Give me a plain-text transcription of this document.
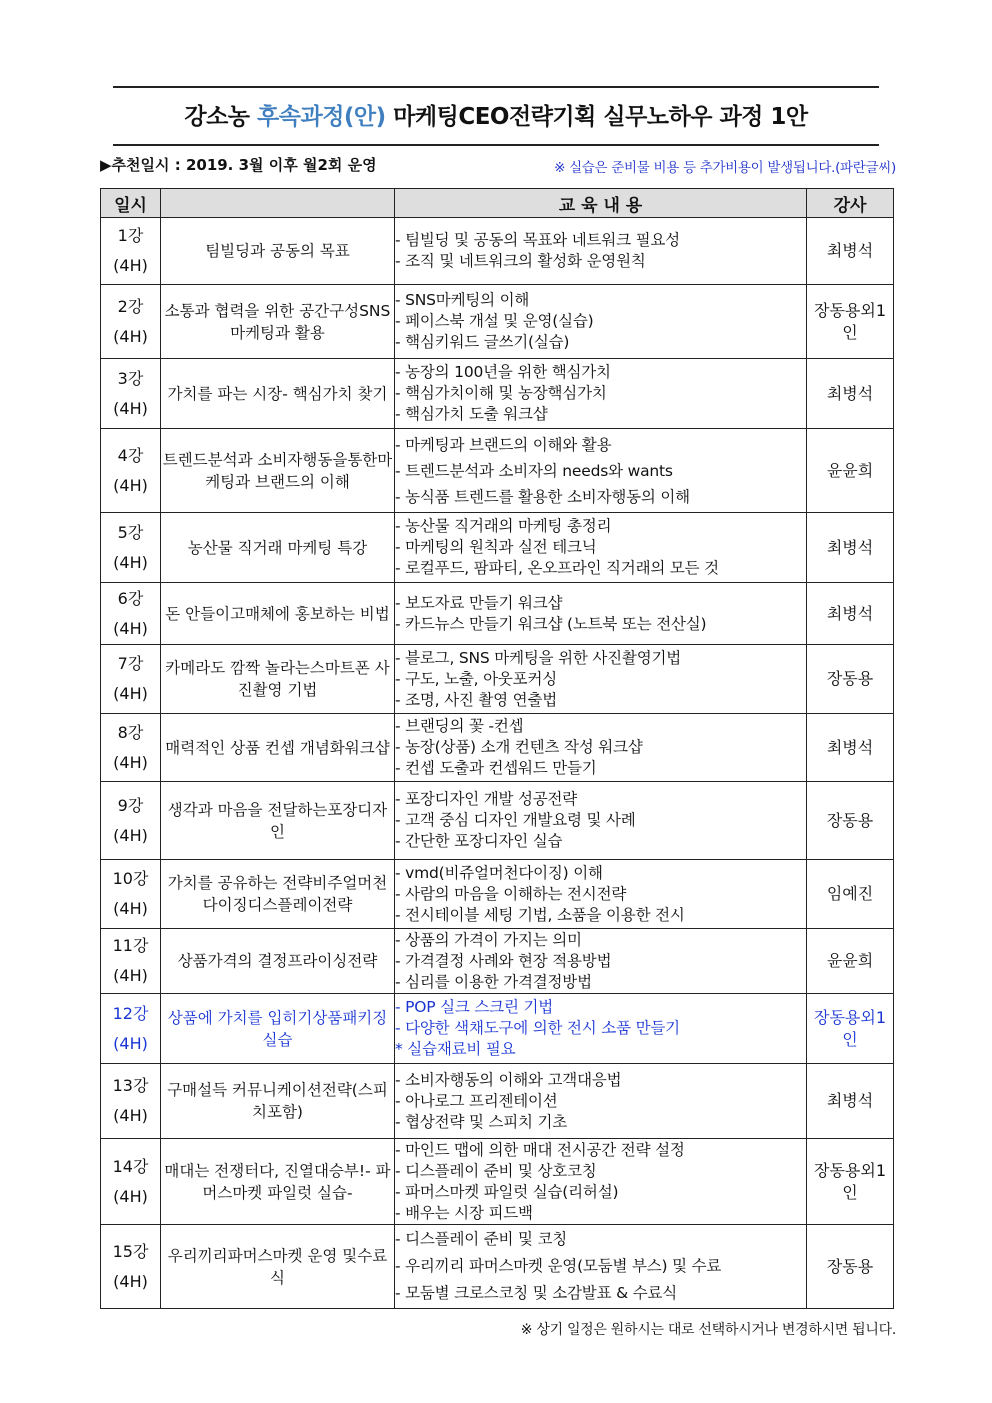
강소농 후속과정(안) 마케팅CEO전략기획 실무노하우 과정 1안
▶추천일시 : 2019. 3월 이후 월2회 운영	※ 실습은 준비물 비용 등 추가비용이 발생됩니다.(파란글씨)
일시		교 육 내 용	강사
1강(4H)	팀빌딩과 공동의 목표	- 팀빌딩 및 공동의 목표와 네트워크 필요성
- 조직 및 네트워크의 활성화 운영원칙	최병석
2강(4H)	소통과 협력을 위한 공간구성SNS마케팅과 활용	- SNS마케팅의 이해
- 페이스북 개설 및 운영(실습)
- 핵심키워드 글쓰기(실습)	장동용외1인
3강(4H)	가치를 파는 시장- 핵심가치 찾기	- 농장의 100년을 위한 핵심가치
- 핵심가치이해 및 농장핵심가치
- 핵심가치 도출 워크샵	최병석
4강(4H)	트렌드분석과 소비자행동을통한마케팅과 브랜드의 이해	- 마케팅과 브랜드의 이해와 활용
- 트렌드분석과 소비자의 needs와 wants
- 농식품 트렌드를 활용한 소비자행동의 이해	윤윤희
5강(4H)	농산물 직거래 마케팅 특강	- 농산물 직거래의 마케팅 총정리
- 마케팅의 원칙과 실전 테크닉
- 로컬푸드, 팜파티, 온오프라인 직거래의 모든 것	최병석
6강(4H)	돈 안들이고매체에 홍보하는 비법	- 보도자료 만들기 워크샵
- 카드뉴스 만들기 워크샵 (노트북 또는 전산실)	최병석
7강(4H)	카메라도 깜짝 놀라는스마트폰 사진촬영 기법	- 블로그, SNS 마케팅을 위한 사진촬영기법
- 구도, 노출, 아웃포커싱
- 조명, 사진 촬영 연출법	장동용
8강(4H)	매력적인 상품 컨셉 개념화워크샵	- 브랜딩의 꽃 -컨셉
- 농장(상품) 소개 컨텐츠 작성 워크샵
- 컨셉 도출과 컨셉워드 만들기	최병석
9강(4H)	생각과 마음을 전달하는포장디자인	- 포장디자인 개발 성공전략
- 고객 중심 디자인 개발요령 및 사례
- 간단한 포장디자인 실습	장동용
10강(4H)	가치를 공유하는 전략비주얼머천다이징디스플레이전략	- vmd(비쥬얼머천다이징) 이해
- 사람의 마음을 이해하는 전시전략
- 전시테이블 세팅 기법, 소품을 이용한 전시	임예진
11강(4H)	상품가격의 결정프라이싱전략	- 상품의 가격이 가지는 의미
- 가격결정 사례와 현장 적용방법
- 심리를 이용한 가격결정방법	윤윤희
12강(4H)	상품에 가치를 입히기상품패키징 실습	- POP 실크 스크린 기법
- 다양한 색채도구에 의한 전시 소품 만들기
* 실습재료비 필요	장동용외1인
13강(4H)	구매설득 커뮤니케이션전략(스피치포함)	- 소비자행동의 이해와 고객대응법
- 아나로그 프리젠테이션
- 협상전략 및 스피치 기초	최병석
14강(4H)	매대는 전쟁터다, 진열대승부!- 파머스마켓 파일럿 실습-	- 마인드 맵에 의한 매대 전시공간 전략 설정
- 디스플레이 준비 및 상호코칭
- 파머스마켓 파일럿 실습(리허설)
- 배우는 시장 피드백	장동용외1인
15강(4H)	우리끼리파머스마켓 운영 및수료식	- 디스플레이 준비 및 코칭
- 우리끼리 파머스마켓 운영(모둠별 부스) 및 수료
- 모둠별 크로스코칭 및 소감발표 & 수료식	장동용
※ 상기 일정은 원하시는 대로 선택하시거나 변경하시면 됩니다.
